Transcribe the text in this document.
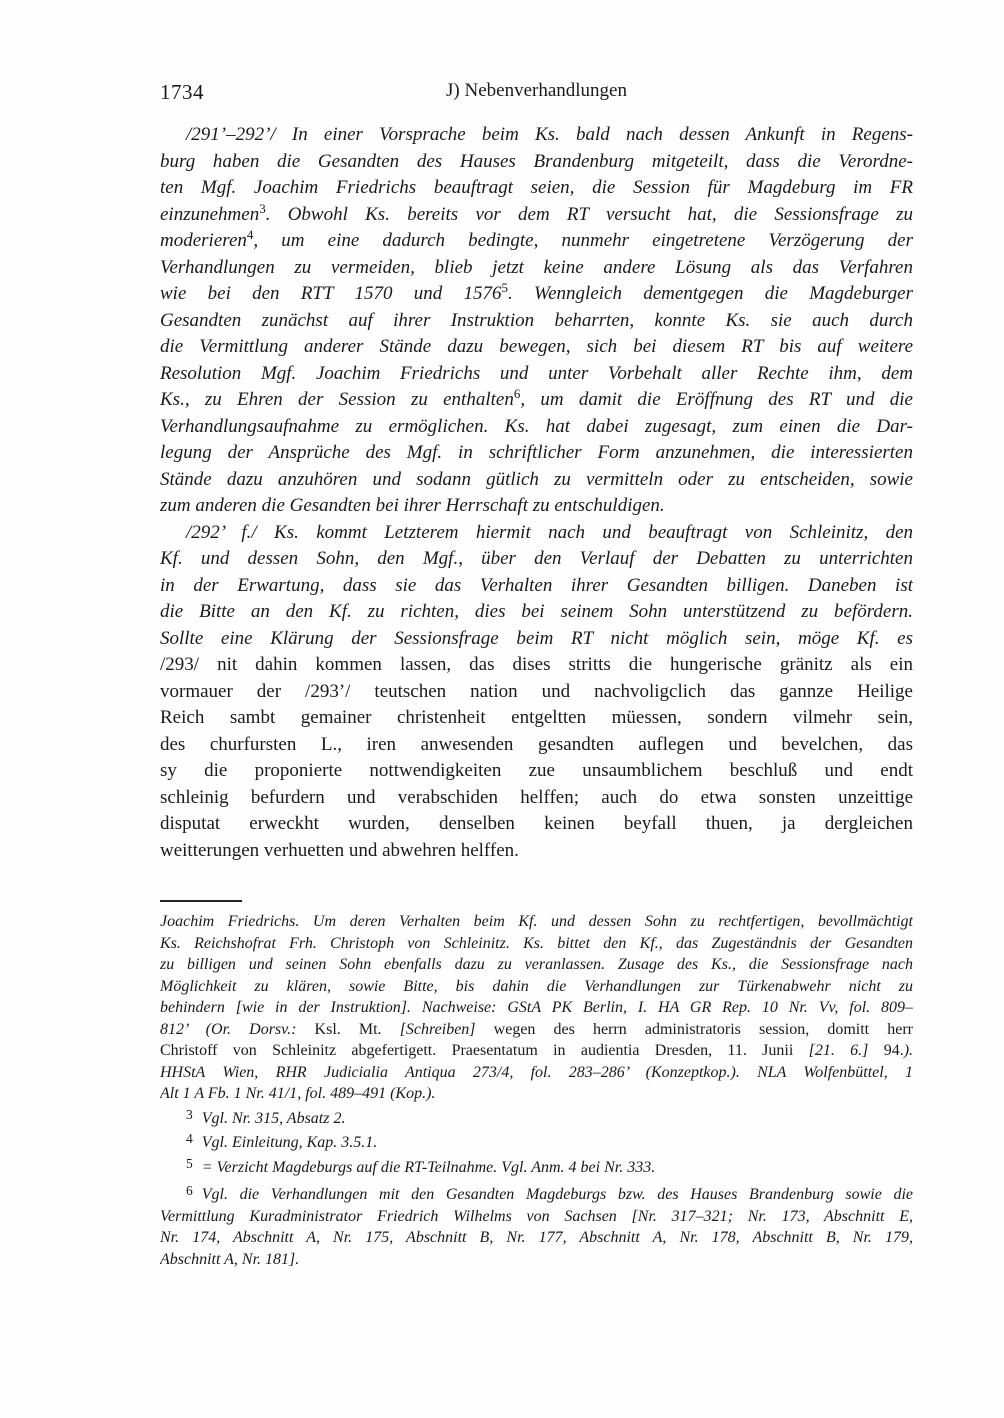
1734	J) Nebenverhandlungen
/291’–292’/ In einer Vorsprache beim Ks. bald nach dessen Ankunft in Regens-
burg haben die Gesandten des Hauses Brandenburg mitgeteilt, dass die Verordne-
ten Mgf. Joachim Friedrichs beauftragt seien, die Session für Magdeburg im FR
einzunehmen$^3$. Obwohl Ks. bereits vor dem RT versucht hat, die Sessionsfrage zu
moderieren$^4$, um eine dadurch bedingte, nunmehr eingetretene Verzögerung der
Verhandlungen zu vermeiden, blieb jetzt keine andere Lösung als das Verfahren
wie bei den RTT 1570 und 1576$^5$. Wenngleich dementgegen die Magdeburger
Gesandten zunächst auf ihrer Instruktion beharrten, konnte Ks. sie auch durch
die Vermittlung anderer Stände dazu bewegen, sich bei diesem RT bis auf weitere
Resolution Mgf. Joachim Friedrichs und unter Vorbehalt aller Rechte ihm, dem
Ks., zu Ehren der Session zu enthalten$^6$, um damit die Eröffnung des RT und die
Verhandlungsaufnahme zu ermöglichen. Ks. hat dabei zugesagt, zum einen die Dar-
legung der Ansprüche des Mgf. in schriftlicher Form anzunehmen, die interessierten
Stände dazu anzuhören und sodann gütlich zu vermitteln oder zu entscheiden, sowie
zum anderen die Gesandten bei ihrer Herrschaft zu entschuldigen.
/292’ f./ Ks. kommt Letzterem hiermit nach und beauftragt von Schleinitz, den
Kf. und dessen Sohn, den Mgf., über den Verlauf der Debatten zu unterrichten
in der Erwartung, dass sie das Verhalten ihrer Gesandten billigen. Daneben ist
die Bitte an den Kf. zu richten, dies bei seinem Sohn unterstützend zu befördern.
Sollte eine Klärung der Sessionsfrage beim RT nicht möglich sein, möge Kf. es
/293/ nit dahin kommen lassen, das dises stritts die hungerische gränitz als ein
vormauer der /293’/ teutschen nation und nachvoligclich das gannze Heilige
Reich sambt gemainer christenheit entgeltten müessen, sondern vilmehr sein,
des churfursten L., iren anwesenden gesandten auflegen und bevelchen, das
sy die proponierte nottwendigkeiten zue unsaumblichem beschluß und endt
schleinig befurdern und verabschiden helffen; auch do etwa sonsten unzeittige
disputat erweckht wurden, denselben keinen beyfall thuen, ja dergleichen
weitterungen verhuetten und abwehren helffen.
Joachim Friedrichs. Um deren Verhalten beim Kf. und dessen Sohn zu rechtfertigen, bevollmächtigt
Ks. Reichshofrat Frh. Christoph von Schleinitz. Ks. bittet den Kf., das Zugeständnis der Gesandten
zu billigen und seinen Sohn ebenfalls dazu zu veranlassen. Zusage des Ks., die Sessionsfrage nach
Möglichkeit zu klären, sowie Bitte, bis dahin die Verhandlungen zur Türkenabwehr nicht zu
behindern [wie in der Instruktion]. Nachweise: GStA PK Berlin, I. HA GR Rep. 10 Nr. Vv, fol. 809–
812’ (Or. Dorsv.: Ksl. Mt. [Schreiben] wegen des herrn administratoris session, domitt herr
Christoff von Schleinitz abgefertigett. Praesentatum in audientia Dresden, 11. Junii [21. 6.] 94.).
HHStA Wien, RHR Judicialia Antiqua 273/4, fol. 283–286’ (Konzeptkop.). NLA Wolfenbüttel, 1
Alt 1 A Fb. 1 Nr. 41/1, fol. 489–491 (Kop.).
$^3$ Vgl. Nr. 315, Absatz 2.
$^4$ Vgl. Einleitung, Kap. 3.5.1.
$^5$ = Verzicht Magdeburgs auf die RT-Teilnahme. Vgl. Anm. 4 bei Nr. 333.
$^6$ Vgl. die Verhandlungen mit den Gesandten Magdeburgs bzw. des Hauses Brandenburg sowie die
Vermittlung Kuradministrator Friedrich Wilhelms von Sachsen [Nr. 317–321; Nr. 173, Abschnitt E,
Nr. 174, Abschnitt A, Nr. 175, Abschnitt B, Nr. 177, Abschnitt A, Nr. 178, Abschnitt B, Nr. 179,
Abschnitt A, Nr. 181].
